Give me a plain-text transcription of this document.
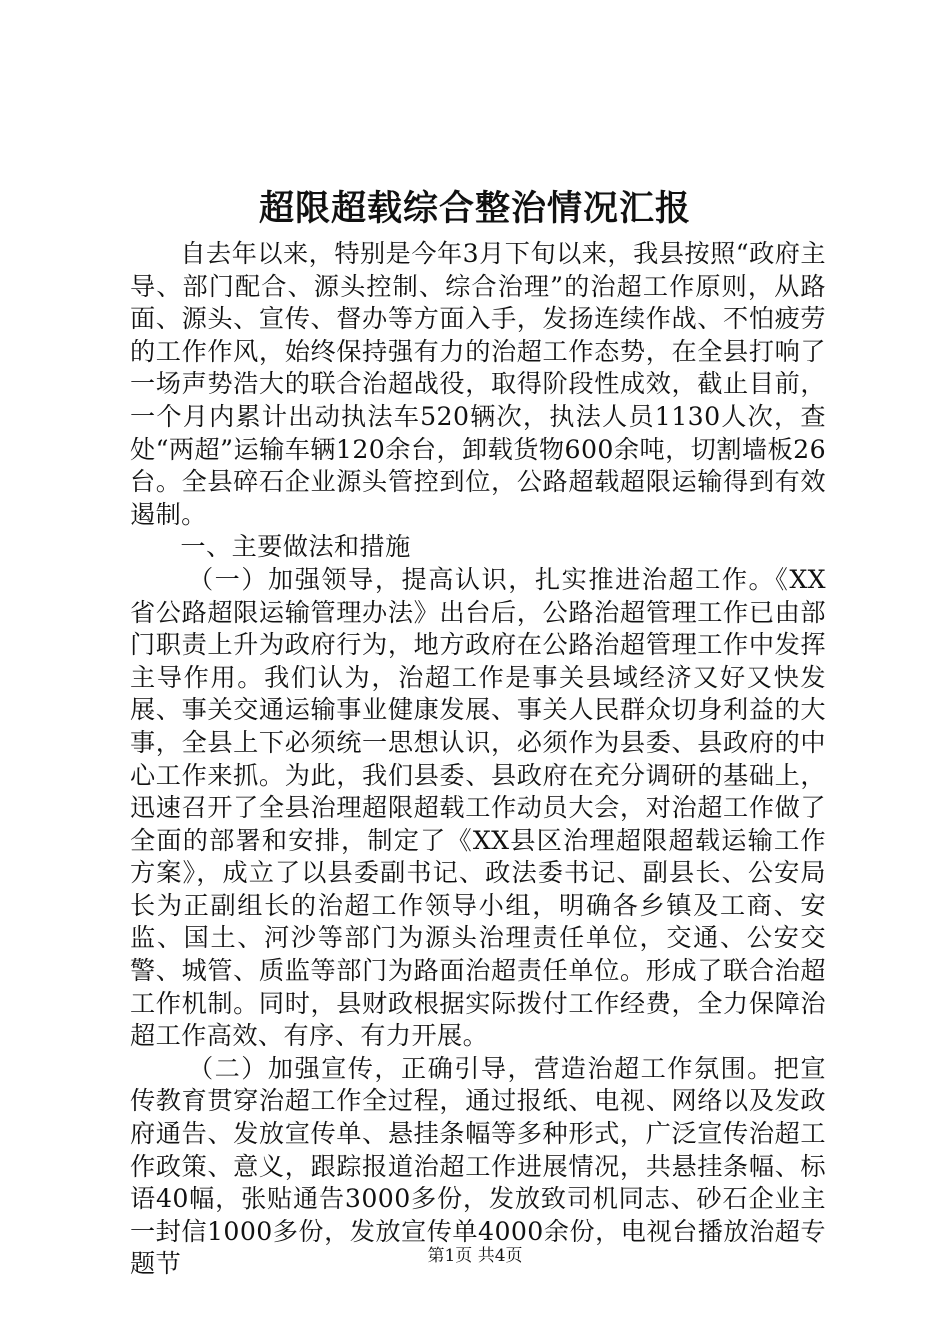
超限超载综合整治情况汇报

自去年以来，特别是今年3月下旬以来，我县按照“政府主导、部门配合、源头控制、综合治理”的治超工作原则，从路面、源头、宣传、督办等方面入手，发扬连续作战、不怕疲劳的工作作风，始终保持强有力的治超工作态势，在全县打响了一场声势浩大的联合治超战役，取得阶段性成效，截止目前，一个月内累计出动执法车520辆次，执法人员1130人次，查处“两超”运输车辆120余台，卸载货物600余吨，切割墙板26台。全县碎石企业源头管控到位，公路超载超限运输得到有效遏制。

一、主要做法和措施

（一）加强领导，提高认识，扎实推进治超工作。《XX省公路超限运输管理办法》出台后，公路治超管理工作已由部门职责上升为政府行为，地方政府在公路治超管理工作中发挥主导作用。我们认为，治超工作是事关县域经济又好又快发展、事关交通运输事业健康发展、事关人民群众切身利益的大事，全县上下必须统一思想认识，必须作为县委、县政府的中心工作来抓。为此，我们县委、县政府在充分调研的基础上，迅速召开了全县治理超限超载工作动员大会，对治超工作做了全面的部署和安排，制定了《XX县区治理超限超载运输工作方案》，成立了以县委副书记、政法委书记、副县长、公安局长为正副组长的治超工作领导小组，明确各乡镇及工商、安监、国土、河沙等部门为源头治理责任单位，交通、公安交警、城管、质监等部门为路面治超责任单位。形成了联合治超工作机制。同时，县财政根据实际拨付工作经费，全力保障治超工作高效、有序、有力开展。

（二）加强宣传，正确引导，营造治超工作氛围。把宣传教育贯穿治超工作全过程，通过报纸、电视、网络以及发政府通告、发放宣传单、悬挂条幅等多种形式，广泛宣传治超工作政策、意义，跟踪报道治超工作进展情况，共悬挂条幅、标语40幅，张贴通告3000多份，发放致司机同志、砂石企业主一封信1000多份，发放宣传单4000余份，电视台播放治超专题节	第1页 共4页
